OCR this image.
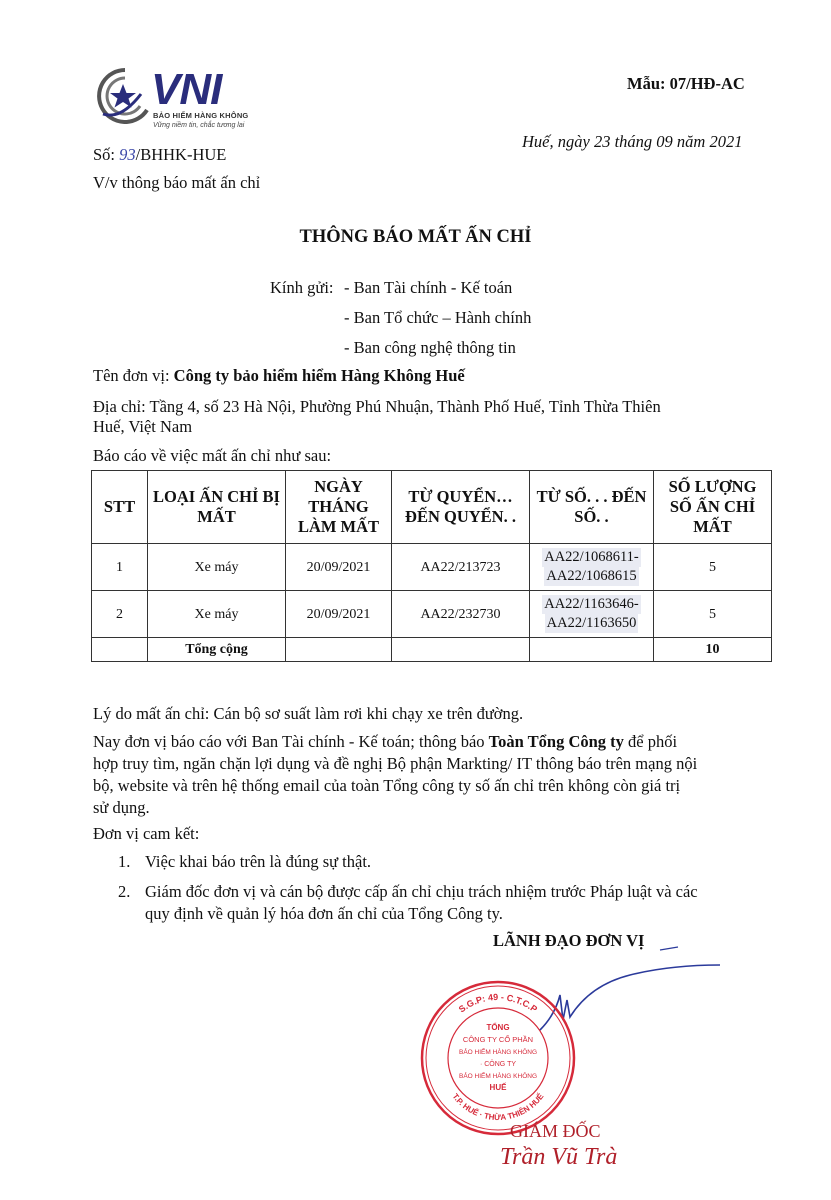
VNI
BẢO HIỂM HÀNG KHÔNG
Vững niềm tin, chắc tương lai
Mẫu: 07/HĐ-AC
Số: 93/BHHK-HUE
Huế, ngày 23 tháng 09 năm 2021
V/v thông báo mất ấn chỉ
THÔNG BÁO MẤT ẤN CHỈ
Kính gửi: - Ban Tài chính - Kế toán
- Ban Tổ chức – Hành chính
- Ban công nghệ thông tin
Tên đơn vị: Công ty bảo hiểm hiểm Hàng Không Huế
Địa chỉ: Tầng 4, số 23 Hà Nội, Phường Phú Nhuận, Thành Phố Huế, Tỉnh Thừa Thiên
Huế, Việt Nam
Báo cáo về việc mất ấn chỉ như sau:
STT	LOẠI ẤN CHỈ BỊ MẤT	NGÀY THÁNG LÀM MẤT	TỪ QUYỂN… ĐẾN QUYỂN. .	TỪ SỐ. . . ĐẾN SỐ. .	SỐ LƯỢNG SỐ ẤN CHỈ MẤT
1	Xe máy	20/09/2021	AA22/213723	AA22/1068611-
AA22/1068615	5
2	Xe máy	20/09/2021	AA22/232730	AA22/1163646-
AA22/1163650	5
	Tổng cộng				10
Lý do mất ấn chỉ: Cán bộ sơ suất làm rơi khi chạy xe trên đường.
Nay đơn vị báo cáo với Ban Tài chính - Kế toán; thông báo Toàn Tổng Công ty để phối
hợp truy tìm, ngăn chặn lợi dụng và đề nghị Bộ phận Markting/ IT thông báo trên mạng nội
bộ, website và trên hệ thống email của toàn Tổng công ty số ấn chỉ trên không còn giá trị
sử dụng.
Đơn vị cam kết:
1. Việc khai báo trên là đúng sự thật.
2. Giám đốc đơn vị và cán bộ được cấp ấn chỉ chịu trách nhiệm trước Pháp luật và các
quy định về quản lý hóa đơn ấn chỉ của Tổng Công ty.
LÃNH ĐẠO ĐƠN VỊ
S.G.P: 49 - C.T.C.P
T.P. HUẾ · THỪA THIÊN HUẾ
TỔNG
CÔNG TY CỔ PHẦN
BẢO HIỂM HÀNG KHÔNG
· CÔNG TY
BẢO HIỂM HÀNG KHÔNG
HUẾ
GIÁM ĐỐC
Trần Vũ Trà
